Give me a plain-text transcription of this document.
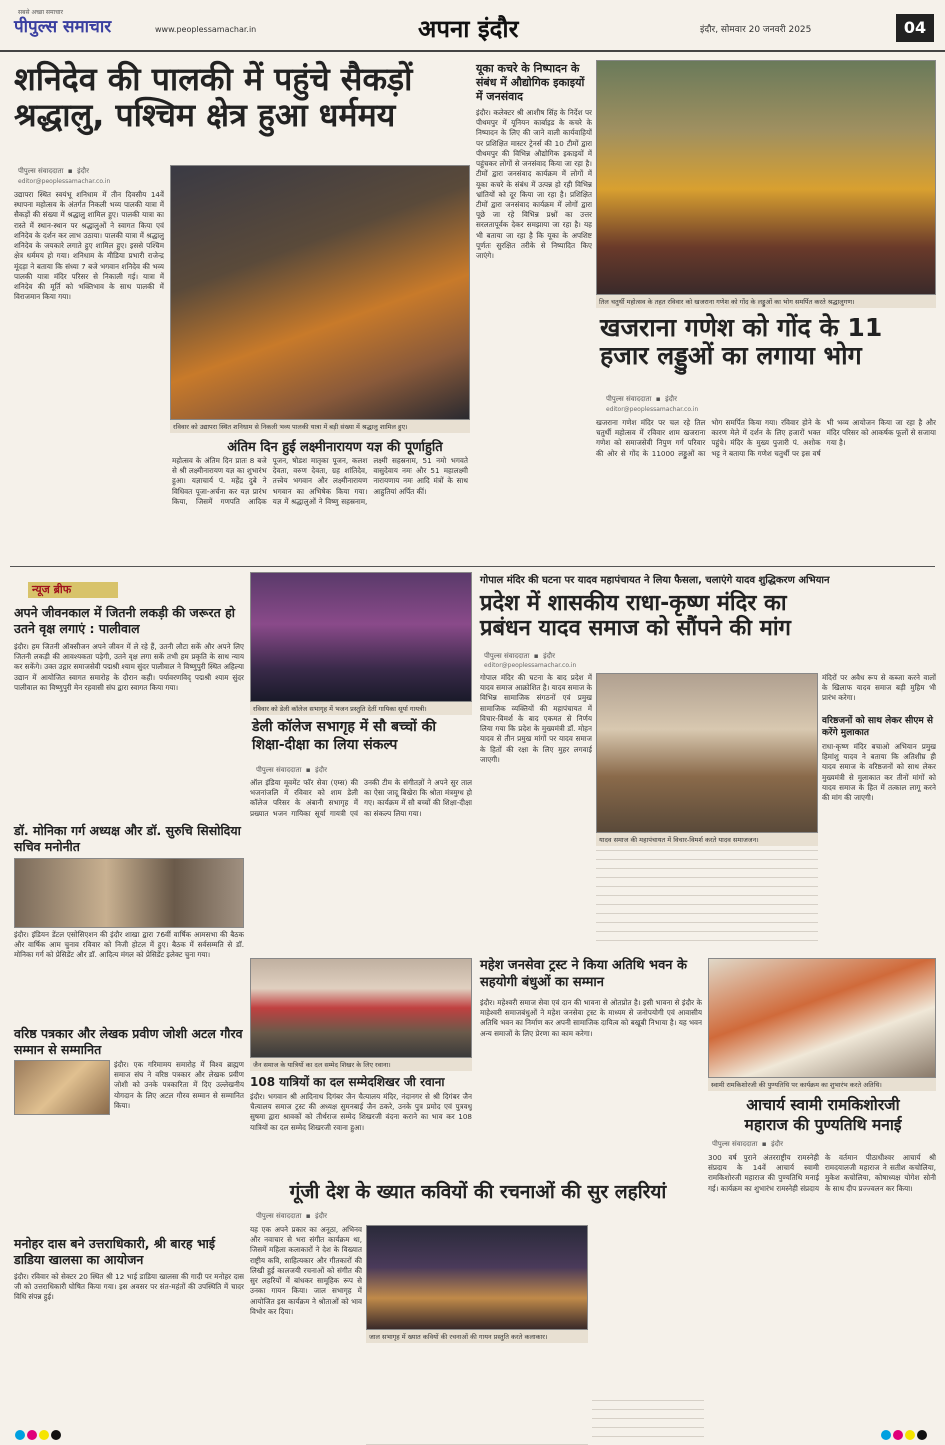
सबसे अच्छा समाचार
पीपुल्स समाचार	www.peoplessamachar.in	अपना इंदौर	इंदौर, सोमवार 20 जनवरी 2025	04
शनिदेव की पालकी में पहुंचे सैकड़ों
श्रद्धालु, पश्चिम क्षेत्र हुआ धर्ममय
पीपुल्स संवाददाता  ▪  इंदौर
editor@peoplessamachar.co.in
उद्यापरा स्थित स्वयंभू शनिधाम में तीन दिवसीय 14वें स्थापना महोत्सव के अंतर्गत निकली भव्य पालकी यात्रा में सैकड़ों की संख्या में श्रद्धालु शामिल हुए। पालकी यात्रा का रास्ते में स्थान-स्थान पर श्रद्धालुओं ने स्वागत किया एवं शनिदेव के दर्शन कर लाभ उठाया। पालकी यात्रा में श्रद्धालु शनिदेव के जयकारे लगाते हुए शामिल हुए। इससे पश्चिम क्षेत्र धर्ममय हो गया। शनिधाम के मीडिया प्रभारी राजेन्द्र मूंदड़ा ने बताया कि संध्या 7 बजे भगवान शनिदेव की भव्य पालकी यात्रा मंदिर परिसर से निकाली गई। यात्रा में शनिदेव की मूर्ति को भक्तिभाव के साथ पालकी में विराजमान किया गया।
रविवार को उद्यापरा स्थित शनिधाम से निकली भव्य पालकी यात्रा में बड़ी संख्या में श्रद्धालु शामिल हुए।
अंतिम दिन हुई लक्ष्मीनारायण यज्ञ की पूर्णाहुति
महोत्सव के अंतिम दिन प्रातः 8 बजे से श्री लक्ष्मीनारायण यज्ञ का शुभारंभ हुआ। यज्ञाचार्य पं. महेंद्र दुबे ने विधिवत पूजा-अर्चना कर यज्ञ प्रारंभ किया, जिसमें गणपति आदिक पूजन, षोडश मातृका पूजन, कलश देवता, वरुण देवता, ग्रह शांतिदेव, तत्त्वेय भगवान और लक्ष्मीनारायण भगवान का अभिषेक किया गया। यज्ञ में श्रद्धालुओं ने विष्णु सहस्रनाम, लक्ष्मी सहस्रनाम, 51 नमो भगवते वासुदेवाय नमः और 51 महालक्ष्मी नारायणाय नमः आदि मंत्रों के साथ आहुतियां अर्पित कीं।
यूका कचरे के निष्पादन के संबंध में औद्योगिक इकाइयों में जनसंवाद
इंदौर। कलेक्टर श्री आशीष सिंह के निर्देश पर पीथमपुर में यूनियन कार्बाइड के कचरे के निष्पादन के लिए की जाने वाली कार्यवाहियों पर प्रशिक्षित मास्टर ट्रेनर्स की 10 टीमों द्वारा पीथमपुर की विभिन्न औद्योगिक इकाइयों में पहुंचकर लोगों से जनसंवाद किया जा रहा है। टीमों द्वारा जनसंवाद कार्यक्रम में लोगों में यूका कचरे के संबंध में उत्पन्न हो रही विभिन्न भ्रांतियों को दूर किया जा रहा है। प्रशिक्षित टीमों द्वारा जनसंवाद कार्यक्रम में लोगों द्वारा पूछे जा रहे विभिन्न प्रश्नों का उत्तर सरलतापूर्वक देकर समझाया जा रहा है। यह भी बताया जा रहा है कि यूका के अपशिष्ट पूर्णतः सुरक्षित तरीके से निष्पादित किए जाएंगे।
तिल चतुर्थी महोत्सव के तहत रविवार को खजराना गणेश को गोंद के लड्डुओं का भोग समर्पित करते श्रद्धालुगण।
खजराना गणेश को गोंद के 11
हजार लड्डुओं का लगाया भोग
पीपुल्स संवाददाता  ▪  इंदौर
editor@peoplessamachar.co.in
खजराना गणेश मंदिर पर चल रहे तिल चतुर्थी महोत्सव में रविवार शाम खजराना गणेश को समाजसेवी निपुण गर्ग परिवार की ओर से गोंद के 11000 लड्डुओं का भोग समर्पित किया गया। रविवार होने के कारण मेले में दर्शन के लिए हजारों भक्त पहुंचे। मंदिर के मुख्य पुजारी पं. अशोक भट्ट ने बताया कि गणेश चतुर्थी पर इस वर्ष भी भव्य आयोजन किया जा रहा है और मंदिर परिसर को आकर्षक फूलों से सजाया गया है।
न्यूज ब्रीफ
अपने जीवनकाल में जितनी लकड़ी की जरूरत हो उतने वृक्ष लगाएं : पालीवाल
इंदौर। हम जितनी ऑक्सीजन अपने जीवन में ले रहे हैं, उतनी लौटा सकें और अपने लिए जितनी लकड़ी की आवश्यकता पड़ेगी, उतने वृक्ष लगा सकें तभी हम प्रकृति के साथ न्याय कर सकेंगे। उक्त उद्गार समाजसेवी पद्मश्री श्याम सुंदर पालीवाल ने विष्णुपुरी स्थित अहिल्या उद्यान में आयोजित स्वागत समारोह के दौरान कही। पर्यावरणविद् पद्मश्री श्याम सुंदर पालीवाल का विष्णुपुरी मेन रहवासी संघ द्वारा स्वागत किया गया।
डॉ. मोनिका गर्ग अध्यक्ष और डॉ. सुरुचि सिसोदिया सचिव मनोनीत
इंदौर। इंडियन डेंटल एसोसिएशन की इंदौर शाखा द्वारा 76वीं वार्षिक आमसभा की बैठक और वार्षिक आम चुनाव रविवार को निजी होटल में हुए। बैठक में सर्वसम्मति से डॉ. मोनिका गर्ग को प्रेसिडेंट और डॉ. आदित्य मंगल को प्रेसिडेंट इलेक्ट चुना गया।
वरिष्ठ पत्रकार और लेखक प्रवीण जोशी अटल गौरव सम्मान से सम्मानित
इंदौर। एक गरिमामय समारोह में विश्व ब्राह्मण समाज संघ ने वरिष्ठ पत्रकार और लेखक प्रवीण जोशी को उनके पत्रकारिता में दिए उल्लेखनीय योगदान के लिए अटल गौरव सम्मान से सम्मानित किया।
मनोहर दास बने उत्तराधिकारी, श्री बारह भाई डाडिया खालसा का आयोजन
इंदौर। रविवार को सेक्टर 20 स्थित श्री 12 भाई डाडिया खालसा की गादी पर मनोहर दास जी को उत्तराधिकारी घोषित किया गया। इस अवसर पर संत-महंतों की उपस्थिति में चादर विधि संपन्न हुई।
रविवार को डेली कॉलेज सभागृह में भजन प्रस्तुति देतीं गायिका सूर्या गायत्री।
डेली कॉलेज सभागृह में सौ बच्चों की शिक्षा-दीक्षा का लिया संकल्प
पीपुल्स संवाददाता  ▪  इंदौर
ऑल इंडिया मूवमेंट फॉर सेवा (एम्स) की भजनांजलि में रविवार को शाम डेली कॉलेज परिसर के अंबानी सभागृह में प्रख्यात भजन गायिका सूर्या गायत्री एवं उनकी टीम के संगीतज्ञों ने अपने सुर ताल का ऐसा जादू बिखेरा कि श्रोता मंत्रमुग्ध हो गए। कार्यक्रम में सौ बच्चों की शिक्षा-दीक्षा का संकल्प लिया गया।
गोपाल मंदिर की घटना पर यादव महापंचायत ने लिया फैसला, चलाएंगे यादव शुद्धिकरण अभियान
प्रदेश में शासकीय राधा-कृष्ण मंदिर का
प्रबंधन यादव समाज को सौंपने की मांग
पीपुल्स संवाददाता  ▪  इंदौर
editor@peoplessamachar.co.in
गोपाल मंदिर की घटना के बाद प्रदेश में यादव समाज आक्रोशित है। यादव समाज के विभिन्न सामाजिक संगठनों एवं प्रमुख सामाजिक व्यक्तियों की महापंचायत में विचार-विमर्श के बाद एकमत से निर्णय लिया गया कि प्रदेश के मुख्यमंत्री डॉ. मोहन यादव से तीन प्रमुख मांगों पर यादव समाज के हितों की रक्षा के लिए मुहर लगवाई जाएगी।
यादव समाज की महापंचायत में विचार-विमर्श करते यादव समाजजन।
मंदिरों पर अवैध रूप से कब्जा करने वालों के खिलाफ यादव समाज बड़ी मुहिम भी प्रारंभ करेगा।
वरिष्ठजनों को साथ लेकर सीएम से करेंगे मुलाकात
राधा-कृष्ण मंदिर बचाओ अभियान प्रमुख हिमांशु यादव ने बताया कि अतिशीघ्र ही यादव समाज के वरिष्ठजनों को साथ लेकर मुख्यमंत्री से मुलाकात कर तीनों मांगों को यादव समाज के हित में तत्काल लागू करने की मांग की जाएगी।
महेश जनसेवा ट्रस्ट ने किया अतिथि भवन के सहयोगी बंधुओं का सम्मान
इंदौर। महेश्वरी समाज सेवा एवं दान की भावना से ओतप्रोत है। इसी भावना से इंदौर के माहेश्वरी समाजबंधुओं ने महेश जनसेवा ट्रस्ट के माध्यम से जनोपयोगी एवं आवासीय अतिथि भवन का निर्माण कर अपनी सामाजिक दायित्व को बखूबी निभाया है। यह भवन अन्य समाजों के लिए प्रेरणा का काम करेगा।
जैन समाज के यात्रियों का दल सम्मेद शिखर के लिए रवाना।
108 यात्रियों का दल सम्मेदशिखर जी रवाना
इंदौर। भगवान श्री आदिनाथ दिगंबर जैन चैत्यालय मंदिर, नंदानगर से श्री दिगंबर जैन चैत्यालय समाज ट्रस्ट की अध्यक्ष सुमनबाई जैन ठकरे, उनके पुत्र प्रमोद एवं पुत्रवधू सुषमा द्वारा श्रावकों को तीर्थराज सम्मेद शिखरजी वंदना कराने का भाव कर 108 यात्रियों का दल सम्मेद शिखरजी रवाना हुआ।
स्वामी रामकिशोरजी की पुण्यतिथि पर कार्यक्रम का शुभारंभ करते अतिथि।
आचार्य स्वामी रामकिशोरजी
महाराज की पुण्यतिथि मनाई
पीपुल्स संवाददाता  ▪  इंदौर
300 वर्ष पुराने अंतरराष्ट्रीय रामस्नेही संप्रदाय के 14वें आचार्य स्वामी रामकिशोरजी महाराज की पुण्यतिथि मनाई गई। कार्यक्रम का शुभारंभ रामस्नेही संप्रदाय के वर्तमान पीठाधीश्वर आचार्य श्री रामदयालजी महाराज ने सतीश कचोलिया, मुकेश कचोलिया, कोषाध्यक्ष योगेश सोनी के साथ दीप प्रज्ज्वलन कर किया।
गूंजी देश के ख्यात कवियों की रचनाओं की सुर लहरियां
पीपुल्स संवाददाता  ▪  इंदौर
यह एक अपने प्रकार का अनूठा, अभिनव और नवाचार से भरा संगीत कार्यक्रम था, जिसमें महिला कलाकारों ने देश के विख्यात राष्ट्रीय कवि, साहित्यकार और गीतकारों की लिखी हुई कालजयी रचनाओं को संगीत की सुर लहरियों में बांधकर सामूहिक रूप से उनका गायन किया। जाल सभागृह में आयोजित इस कार्यक्रम ने श्रोताओं को भाव विभोर कर दिया।
जाल सभागृह में ख्यात कवियों की रचनाओं की गायन प्रस्तुति करते कलाकार।
